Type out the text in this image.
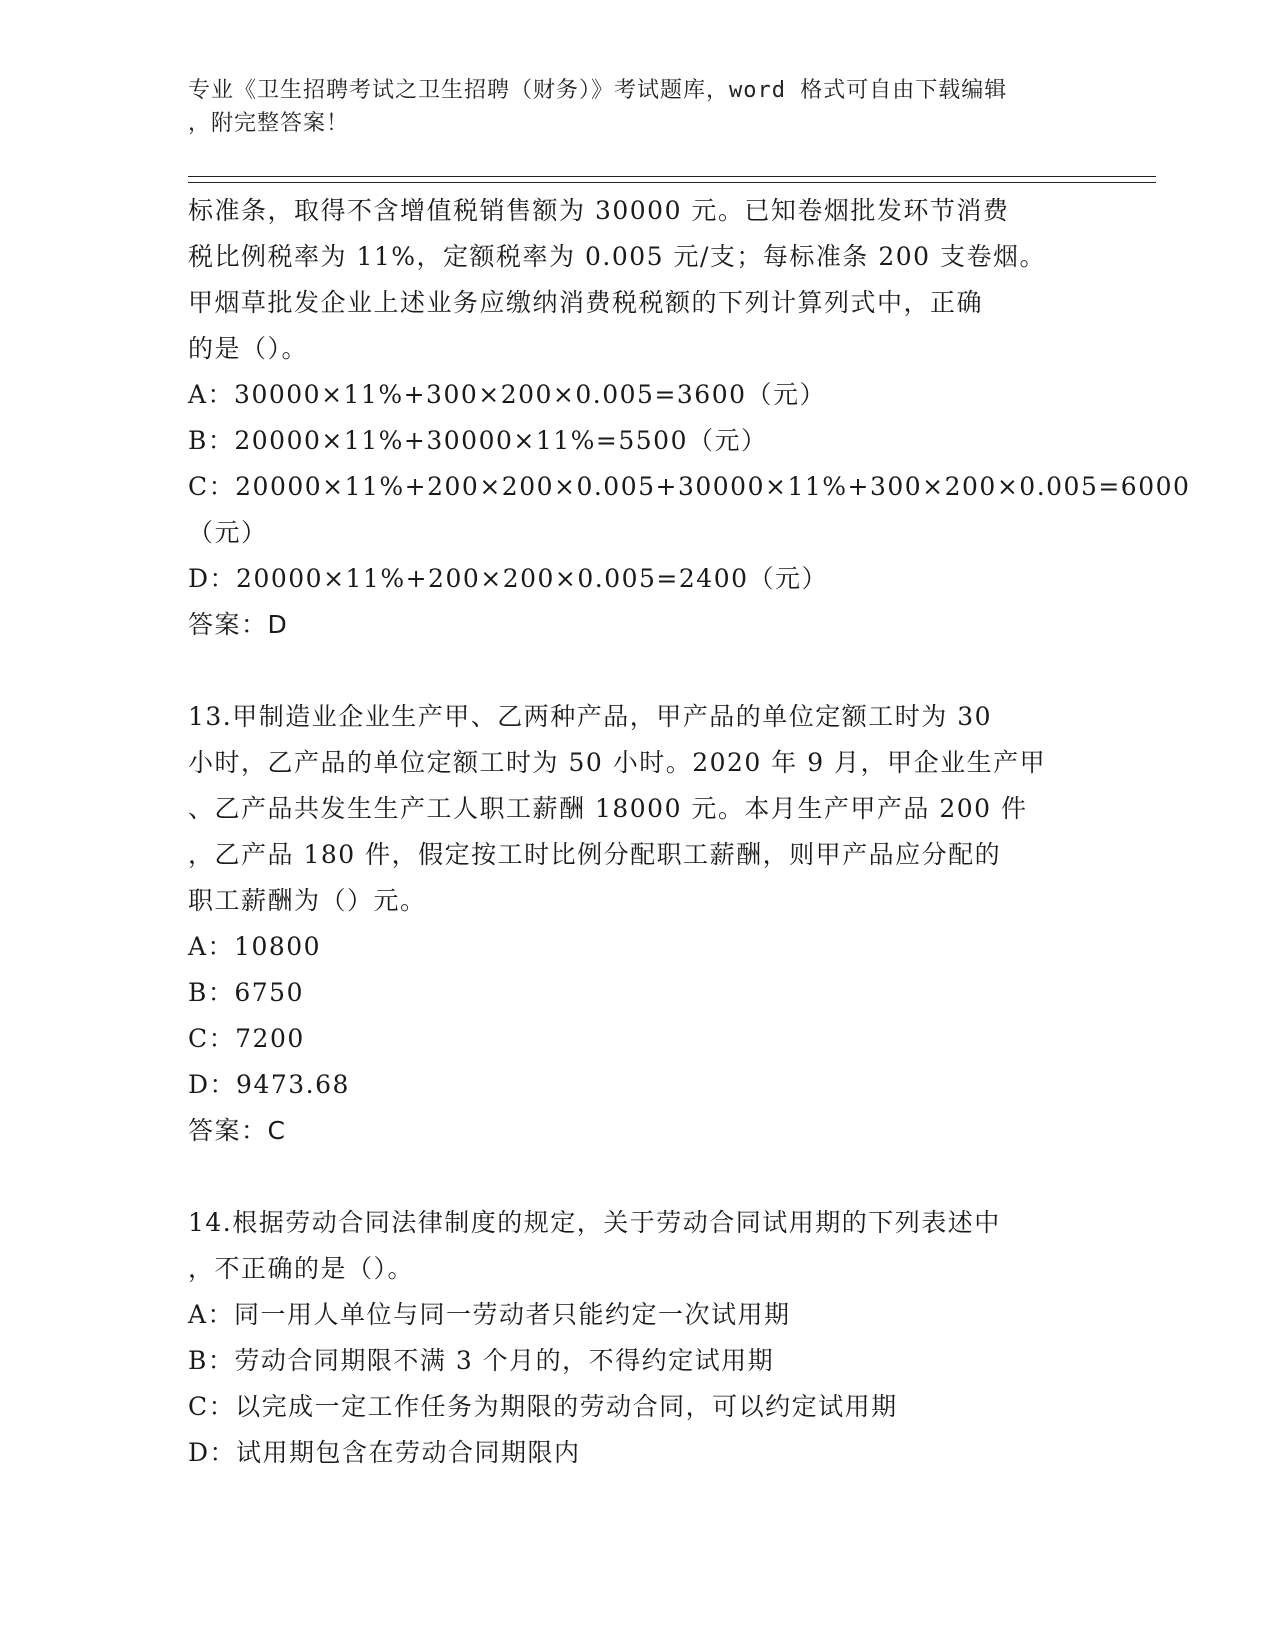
专业《卫生招聘考试之卫生招聘（财务）》考试题库，word 格式可自由下载编辑
，附完整答案！
标准条，取得不含增值税销售额为 30000 元。已知卷烟批发环节消费
税比例税率为 11%，定额税率为 0.005 元/支；每标准条 200 支卷烟。
甲烟草批发企业上述业务应缴纳消费税税额的下列计算列式中，正确
的是（）。
A：30000×11%+300×200×0.005=3600（元）
B：20000×11%+30000×11%=5500（元）
C：20000×11%+200×200×0.005+30000×11%+300×200×0.005=6000
（元）
D：20000×11%+200×200×0.005=2400（元）
答案：D
13.甲制造业企业生产甲、乙两种产品，甲产品的单位定额工时为 30
小时，乙产品的单位定额工时为 50 小时。2020 年 9 月，甲企业生产甲
、乙产品共发生生产工人职工薪酬 18000 元。本月生产甲产品 200 件
，乙产品 180 件，假定按工时比例分配职工薪酬，则甲产品应分配的
职工薪酬为（）元。
A：10800
B：6750
C：7200
D：9473.68
答案：C
14.根据劳动合同法律制度的规定，关于劳动合同试用期的下列表述中
，不正确的是（）。
A：同一用人单位与同一劳动者只能约定一次试用期
B：劳动合同期限不满 3 个月的，不得约定试用期
C：以完成一定工作任务为期限的劳动合同，可以约定试用期
D：试用期包含在劳动合同期限内
